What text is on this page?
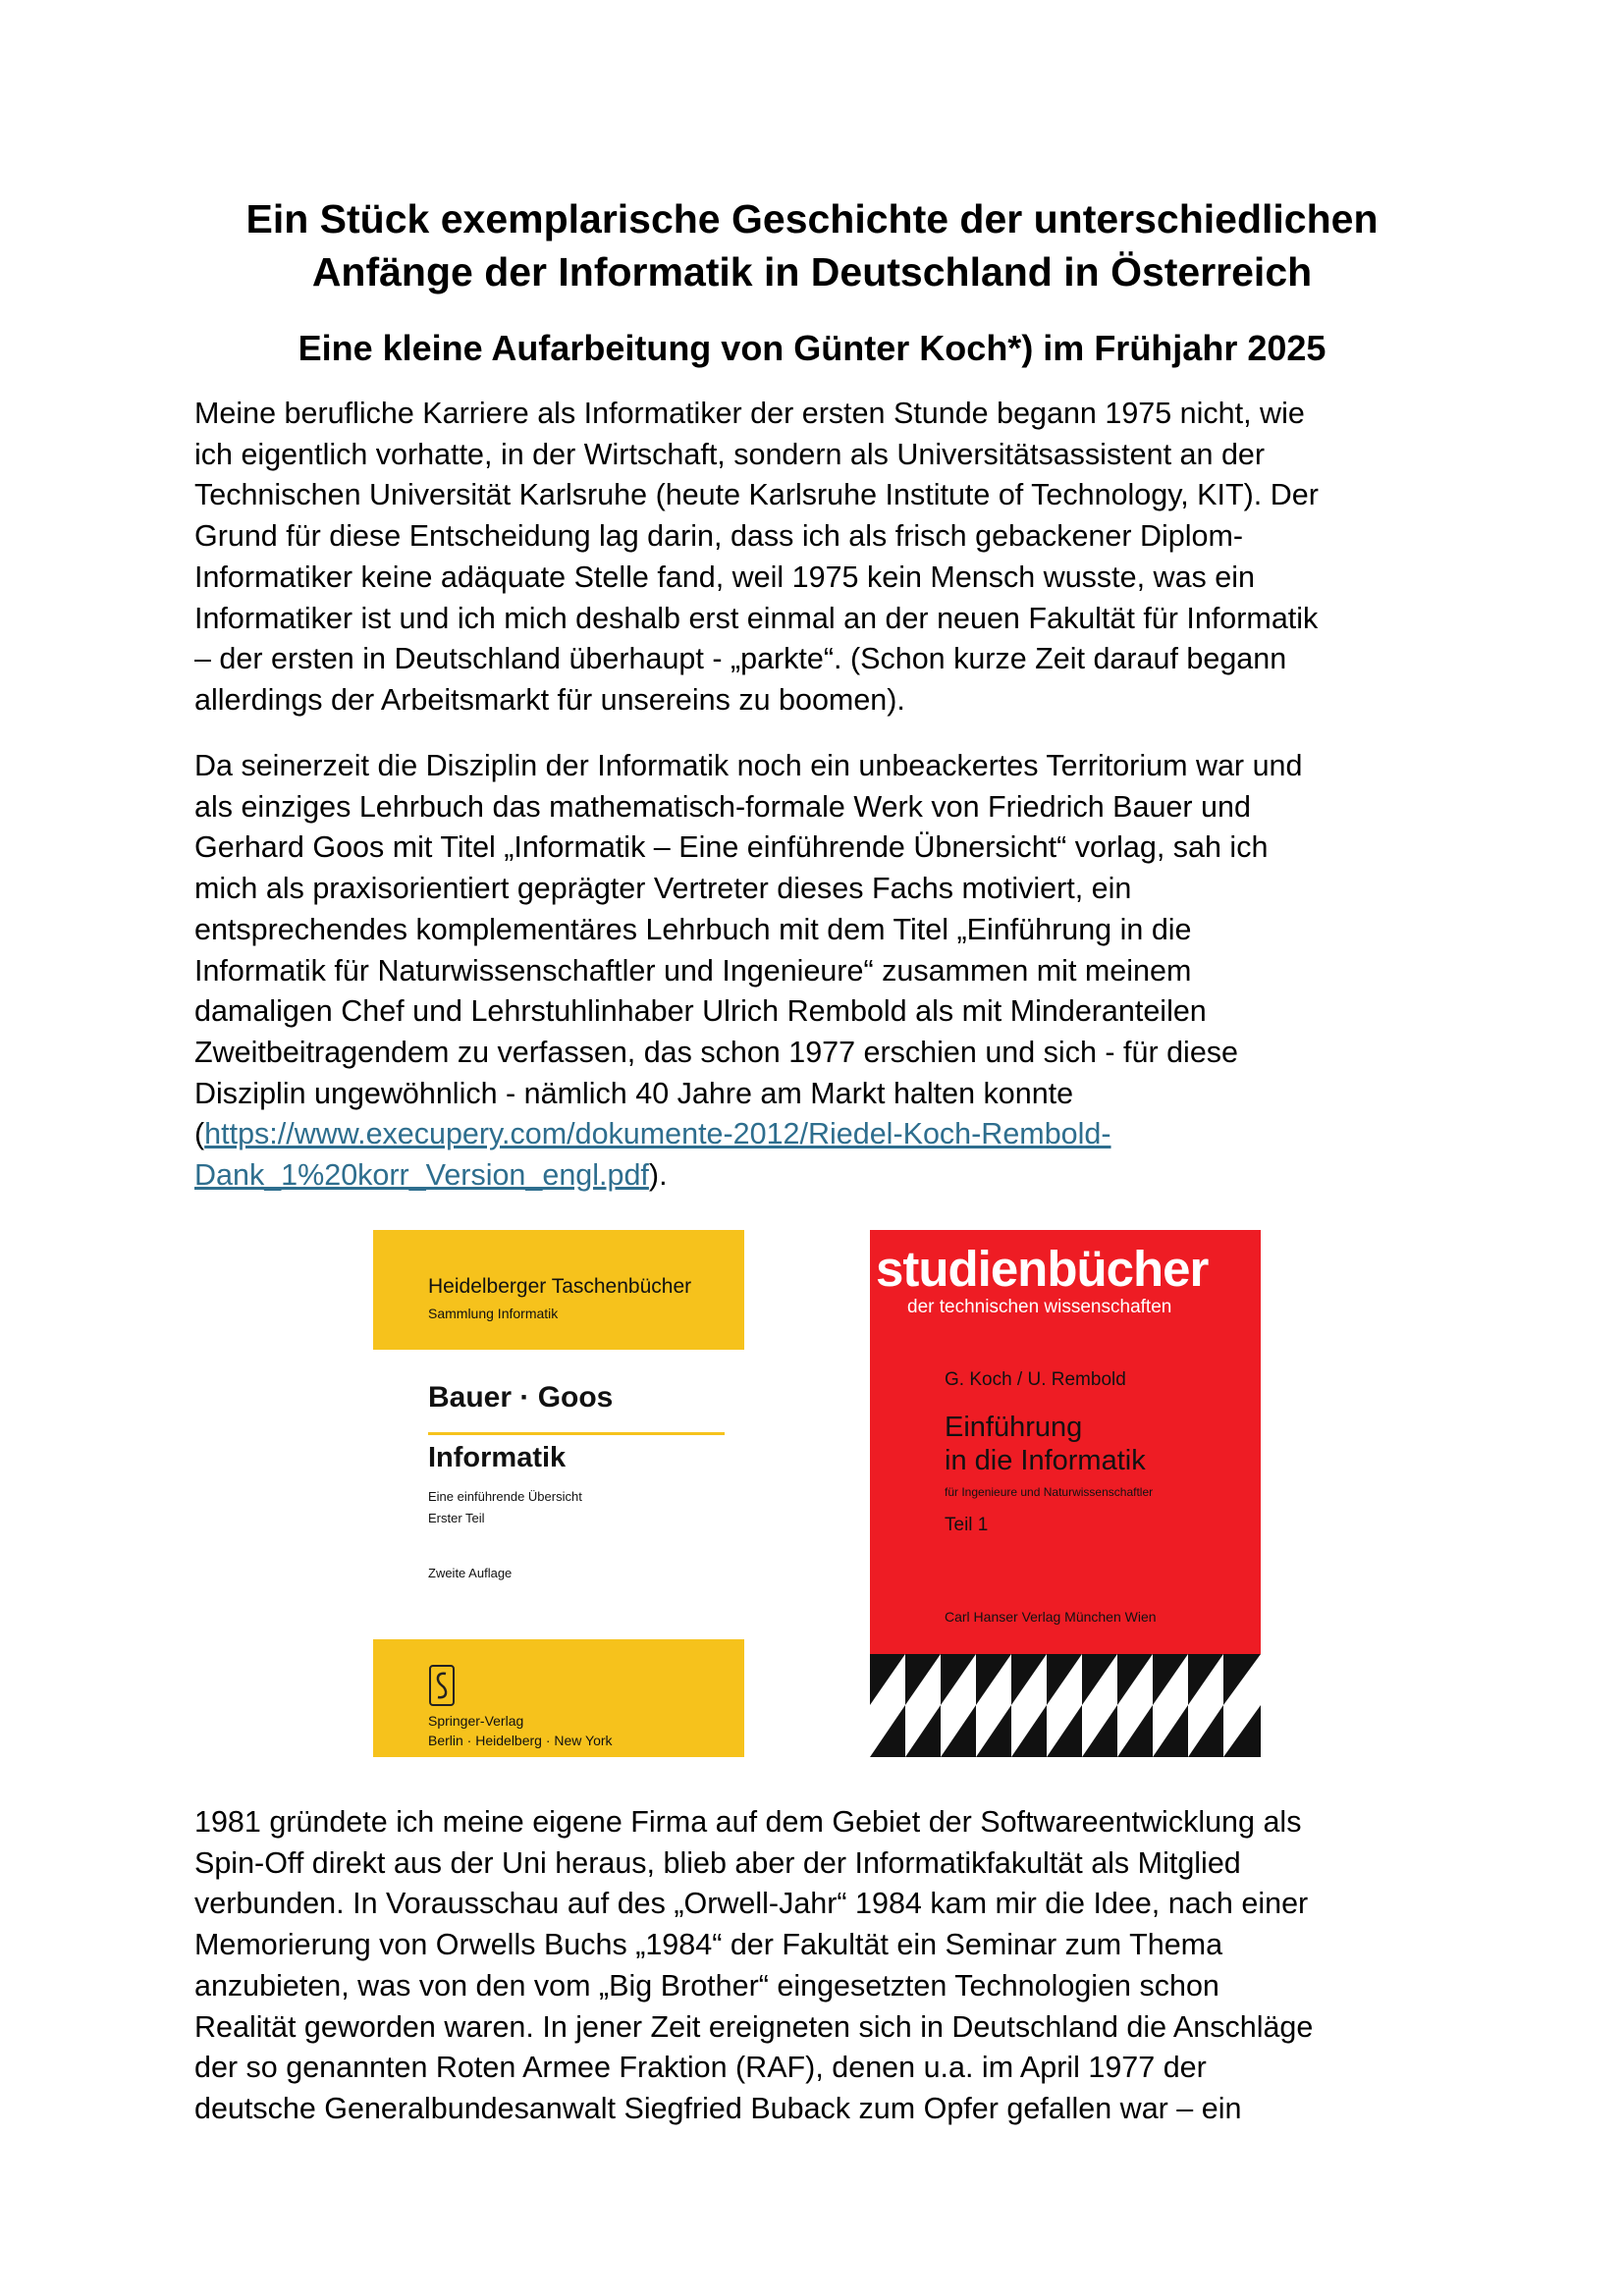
Ein Stück exemplarische Geschichte der unterschiedlichen
Anfänge der Informatik in Deutschland in Österreich
Eine kleine Aufarbeitung von Günter Koch*) im Frühjahr 2025

Meine berufliche Karriere als Informatiker der ersten Stunde begann 1975 nicht, wie
ich eigentlich vorhatte, in der Wirtschaft, sondern als Universitätsassistent an der
Technischen Universität Karlsruhe (heute Karlsruhe Institute of Technology, KIT). Der
Grund für diese Entscheidung lag darin, dass ich als frisch gebackener Diplom-
Informatiker keine adäquate Stelle fand, weil 1975 kein Mensch wusste, was ein
Informatiker ist und ich mich deshalb erst einmal an der neuen Fakultät für Informatik
– der ersten in Deutschland überhaupt - „parkte“. (Schon kurze Zeit darauf begann
allerdings der Arbeitsmarkt für unsereins zu boomen).

Da seinerzeit die Disziplin der Informatik noch ein unbeackertes Territorium war und
als einziges Lehrbuch das mathematisch-formale Werk von Friedrich Bauer und
Gerhard Goos mit Titel „Informatik – Eine einführende Übnersicht“ vorlag, sah ich
mich als praxisorientiert geprägter Vertreter dieses Fachs motiviert, ein
entsprechendes komplementäres Lehrbuch mit dem Titel „Einführung in die
Informatik für Naturwissenschaftler und Ingenieure“ zusammen mit meinem
damaligen Chef und Lehrstuhlinhaber Ulrich Rembold als mit Minderanteilen
Zweitbeitragendem zu verfassen, das schon 1977 erschien und sich - für diese
Disziplin ungewöhnlich - nämlich 40 Jahre am Markt halten konnte
(https://www.execupery.com/dokumente-2012/Riedel-Koch-Rembold-
Dank_1%20korr_Version_engl.pdf).

Heidelberger Taschenbücher
Sammlung Informatik
Bauer · Goos
Informatik
Eine einführende Übersicht
Erster Teil
Zweite Auflage
Springer-Verlag
Berlin · Heidelberg · New York
studienbücher
der technischen wissenschaften
G. Koch / U. Rembold
Einführung
in die Informatik
für Ingenieure und Naturwissenschaftler
Teil 1
Carl Hanser Verlag München Wien

1981 gründete ich meine eigene Firma auf dem Gebiet der Softwareentwicklung als
Spin-Off direkt aus der Uni heraus, blieb aber der Informatikfakultät als Mitglied
verbunden. In Vorausschau auf des „Orwell-Jahr“ 1984 kam mir die Idee, nach einer
Memorierung von Orwells Buchs „1984“ der Fakultät ein Seminar zum Thema
anzubieten, was von den vom „Big Brother“ eingesetzten Technologien schon
Realität geworden waren. In jener Zeit ereigneten sich in Deutschland die Anschläge
der so genannten Roten Armee Fraktion (RAF), denen u.a. im April 1977 der
deutsche Generalbundesanwalt Siegfried Buback zum Opfer gefallen war – ein
